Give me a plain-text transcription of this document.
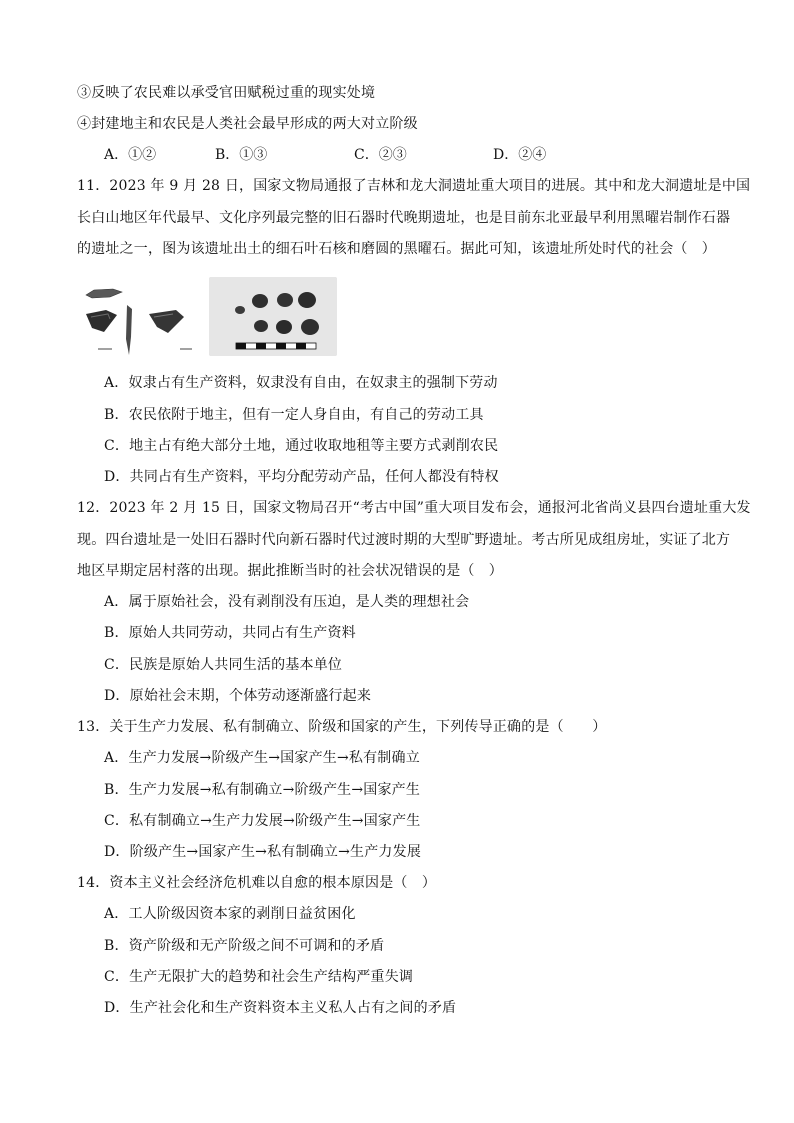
③反映了农民难以承受官田赋税过重的现实处境
④封建地主和农民是人类社会最早形成的两大对立阶级
A．①②	B．①③	C．②③	D．②④
11．2023 年 9 月 28 日，国家文物局通报了吉林和龙大洞遗址重大项目的进展。其中和龙大洞遗址是中国
长白山地区年代最早、文化序列最完整的旧石器时代晚期遗址，也是目前东北亚最早利用黑曜岩制作石器
的遗址之一，图为该遗址出土的细石叶石核和磨圆的黑曜石。据此可知，该遗址所处时代的社会（　）
A．奴隶占有生产资料，奴隶没有自由，在奴隶主的强制下劳动
B．农民依附于地主，但有一定人身自由，有自己的劳动工具
C．地主占有绝大部分土地，通过收取地租等主要方式剥削农民
D．共同占有生产资料，平均分配劳动产品，任何人都没有特权
12．2023 年 2 月 15 日，国家文物局召开“考古中国”重大项目发布会，通报河北省尚义县四台遗址重大发
现。四台遗址是一处旧石器时代向新石器时代过渡时期的大型旷野遗址。考古所见成组房址，实证了北方
地区早期定居村落的出现。据此推断当时的社会状况错误的是（　）
A．属于原始社会，没有剥削没有压迫，是人类的理想社会
B．原始人共同劳动，共同占有生产资料
C．民族是原始人共同生活的基本单位
D．原始社会末期，个体劳动逐渐盛行起来
13．关于生产力发展、私有制确立、阶级和国家的产生，下列传导正确的是（　　）
A．生产力发展→阶级产生→国家产生→私有制确立
B．生产力发展→私有制确立→阶级产生→国家产生
C．私有制确立→生产力发展→阶级产生→国家产生
D．阶级产生→国家产生→私有制确立→生产力发展
14．资本主义社会经济危机难以自愈的根本原因是（　）
A．工人阶级因资本家的剥削日益贫困化
B．资产阶级和无产阶级之间不可调和的矛盾
C．生产无限扩大的趋势和社会生产结构严重失调
D．生产社会化和生产资料资本主义私人占有之间的矛盾
